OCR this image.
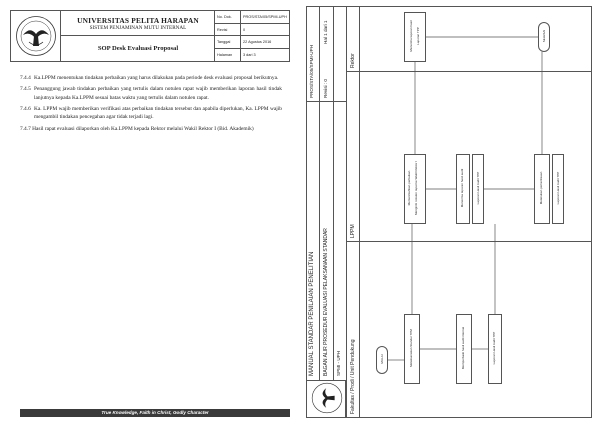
UNIVERSITAS PELITA HARAPAN
SISTEM PENJAMINAN MUTU INTERNAL
SOP Desk Evaluasi Proposal
No. Dok.	PROS/STA/05/SPMI-UPH
Revisi	0
Tanggal	22 Agustus 2016
Halaman	3 dari 3
7.4.4 Ka.LPPM menentukan tindakan perbaikan yang harus dilakukan pada periode desk evaluasi proposal berikutnya.
7.4.5 Penanggung jawab tindakan perbaikan yang tertulis dalam notulen rapat wajib memberikan laporan hasil tindak lanjutnya kepada Ka.LPPM sesuai batas waktu yang tertulis dalam notulen rapat.
7.4.6 Ka. LPPM wajib memberikan verifikasi atas perbaikan tindakan tersebut dan apabila diperlukan, Ka. LPPM wajib mengambil tindakan pencegahan agar tidak terjadi lagi.
7.4.7 Hasil rapat evaluasi dilaporkan oleh Ka.LPPM kepada Rektor melalui Wakil Rektor I (Bid. Akademik)
True Knowledge, Faith in Christ, Godly Character
MANUAL STANDAR PENILAIAN PENELITIAN BAGAN ALIR PROSEDUR EVALUASI PELAKSANAAN STANDAR SPMI - UPH
PROS/STA/05/SPMI-UPH Revisi : 0
Hal 1 dari 1
Fakultas / Prodi / Unit Pendukung
LPPM
Rektor
MULAI	Melaksanakan Standar TPM	Memperbaiki hasil audit internal	Laporan Hasil Audit TPP
Memerintahkan perbaikan Mengirim notulen rapat ke Wakil Rektor I	Menerima laporan hasil audit	Laporan Hasil Audit TPP	Melakukan pemeriksaan	Laporan Hasil Audit TPP
Menerima laporan hasil Laporan TPP	SELESAI
